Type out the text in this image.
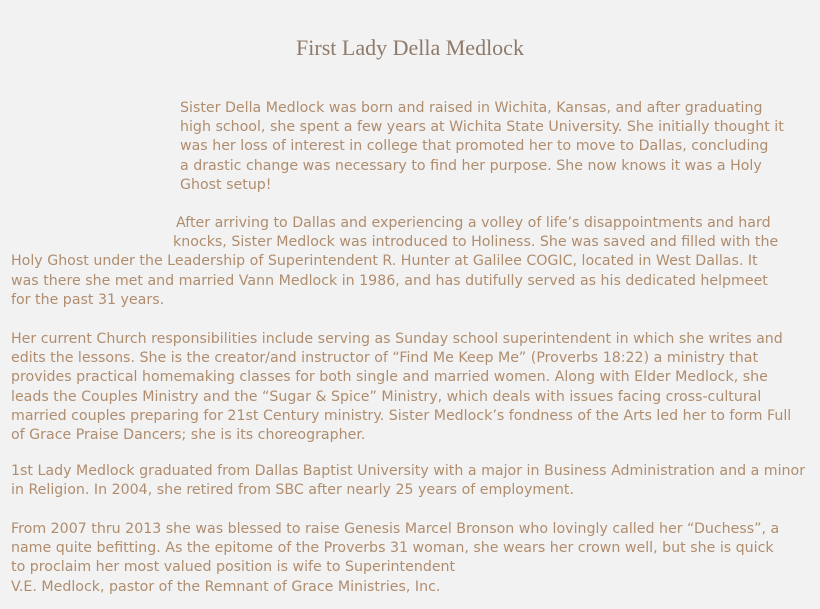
First Lady Della Medlock
Sister Della Medlock was born and raised in Wichita, Kansas, and after graduating
high school, she spent a few years at Wichita State University. She initially thought it
was her loss of interest in college that promoted her to move to Dallas, concluding
a drastic change was necessary to find her purpose. She now knows it was a Holy
Ghost setup!
After arriving to Dallas and experiencing a volley of life’s disappointments and hard
knocks, Sister Medlock was introduced to Holiness. She was saved and filled with the
Holy Ghost under the Leadership of Superintendent R. Hunter at Galilee COGIC, located in West Dallas. It
was there she met and married Vann Medlock in 1986, and has dutifully served as his dedicated helpmeet
for the past 31 years.
Her current Church responsibilities include serving as Sunday school superintendent in which she writes and
edits the lessons. She is the creator/and instructor of “Find Me Keep Me” (Proverbs 18:22) a ministry that
provides practical homemaking classes for both single and married women. Along with Elder Medlock, she
leads the Couples Ministry and the “Sugar & Spice” Ministry, which deals with issues facing cross-cultural
married couples preparing for 21st Century ministry. Sister Medlock’s fondness of the Arts led her to form Full
of Grace Praise Dancers; she is its choreographer.
1st Lady Medlock graduated from Dallas Baptist University with a major in Business Administration and a minor
in Religion. In 2004, she retired from SBC after nearly 25 years of employment.
From 2007 thru 2013 she was blessed to raise Genesis Marcel Bronson who lovingly called her “Duchess”, a
name quite befitting. As the epitome of the Proverbs 31 woman, she wears her crown well, but she is quick
to proclaim her most valued position is wife to Superintendent
V.E. Medlock, pastor of the Remnant of Grace Ministries, Inc.
